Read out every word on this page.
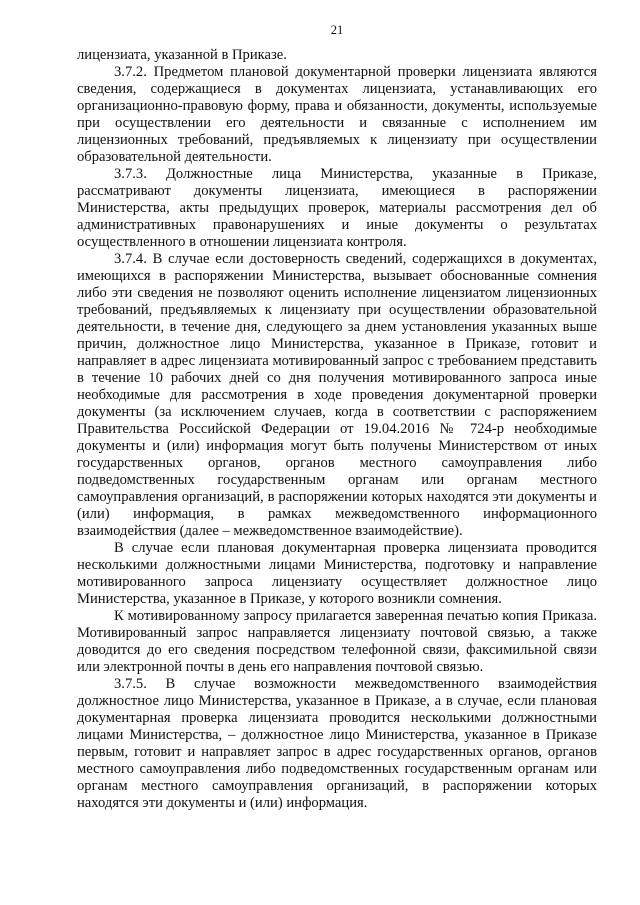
21

лицензиата, указанной в Приказе.

3.7.2. Предметом плановой документарной проверки лицензиата являются сведения, содержащиеся в документах лицензиата, устанавливающих его организационно-правовую форму, права и обязанности, документы, используемые при осуществлении его деятельности и связанные с исполнением им лицензионных требований, предъявляемых к лицензиату при осуществлении образовательной деятельности.

3.7.3. Должностные лица Министерства, указанные в Приказе, рассматривают документы лицензиата, имеющиеся в распоряжении Министерства, акты предыдущих проверок, материалы рассмотрения дел об административных правонарушениях и иные документы о результатах осуществленного в отношении лицензиата контроля.

3.7.4. В случае если достоверность сведений, содержащихся в документах, имеющихся в распоряжении Министерства, вызывает обоснованные сомнения либо эти сведения не позволяют оценить исполнение лицензиатом лицензионных требований, предъявляемых к лицензиату при осуществлении образовательной деятельности, в течение дня, следующего за днем установления указанных выше причин, должностное лицо Министерства, указанное в Приказе, готовит и направляет в адрес лицензиата мотивированный запрос с требованием представить в течение 10 рабочих дней со дня получения мотивированного запроса иные необходимые для рассмотрения в ходе проведения документарной проверки документы (за исключением случаев, когда в соответствии с распоряжением Правительства Российской Федерации от 19.04.2016 № 724-р необходимые документы и (или) информация могут быть получены Министерством от иных государственных органов, органов местного самоуправления либо подведомственных государственным органам или органам местного самоуправления организаций, в распоряжении которых находятся эти документы и (или) информация, в рамках межведомственного информационного взаимодействия (далее – межведомственное взаимодействие).

В случае если плановая документарная проверка лицензиата проводится несколькими должностными лицами Министерства, подготовку и направление мотивированного запроса лицензиату осуществляет должностное лицо Министерства, указанное в Приказе, у которого возникли сомнения.

К мотивированному запросу прилагается заверенная печатью копия Приказа. Мотивированный запрос направляется лицензиату почтовой связью, а также доводится до его сведения посредством телефонной связи, факсимильной связи или электронной почты в день его направления почтовой связью.

3.7.5. В случае возможности межведомственного взаимодействия должностное лицо Министерства, указанное в Приказе, а в случае, если плановая документарная проверка лицензиата проводится несколькими должностными лицами Министерства, – должностное лицо Министерства, указанное в Приказе первым, готовит и направляет запрос в адрес государственных органов, органов местного самоуправления либо подведомственных государственным органам или органам местного самоуправления организаций, в распоряжении которых находятся эти документы и (или) информация.
